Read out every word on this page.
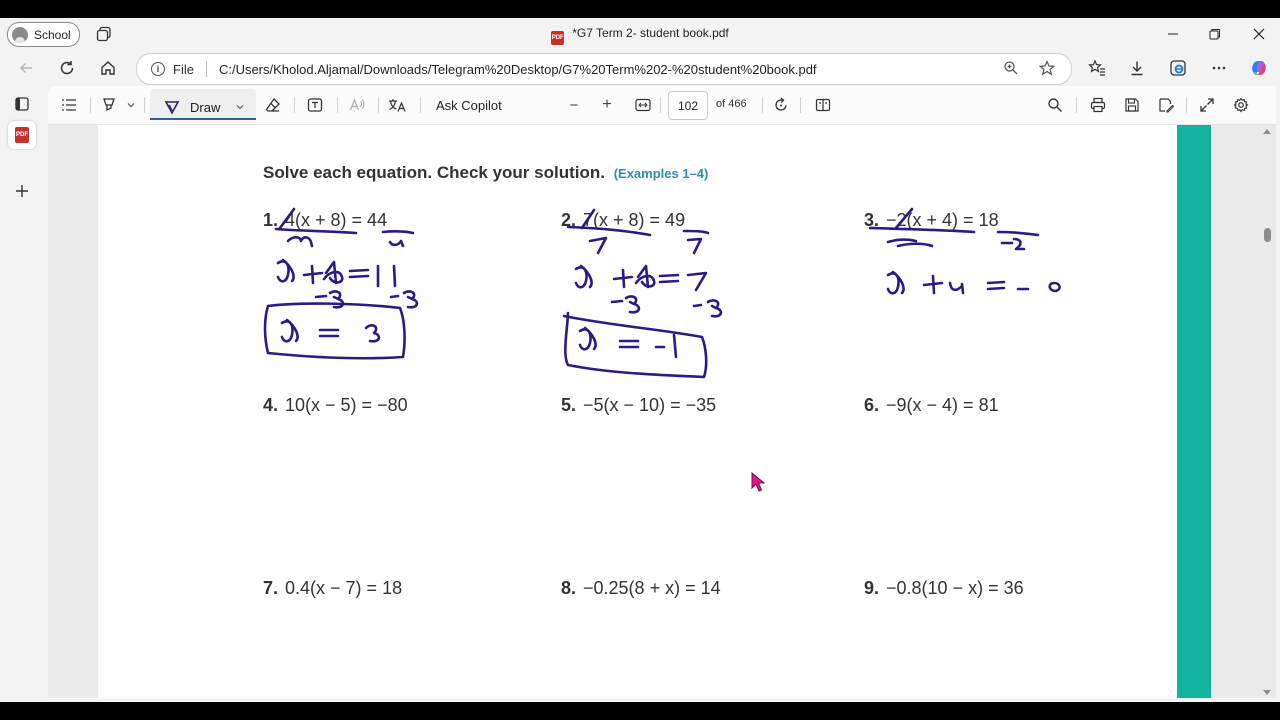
School	PDF *G7 Term 2- student book.pdf
i	File C:/Users/Kholod.Aljamal/Downloads/Telegram%20Desktop/G7%20Term%202-%20student%20book.pdf
PDF
Draw	Ask Copilot	− +	102	of 466
Solve each equation. Check your solution. (Examples 1–4)
1. 4(x + 8) = 44	2. 7(x + 8) = 49	3. −2(x + 4) = 18
4. 10(x − 5) = −80	5. −5(x − 10) = −35	6. −9(x − 4) = 81
7. 0.4(x − 7) = 18	8. −0.25(8 + x) = 14	9. −0.8(10 − x) = 36
